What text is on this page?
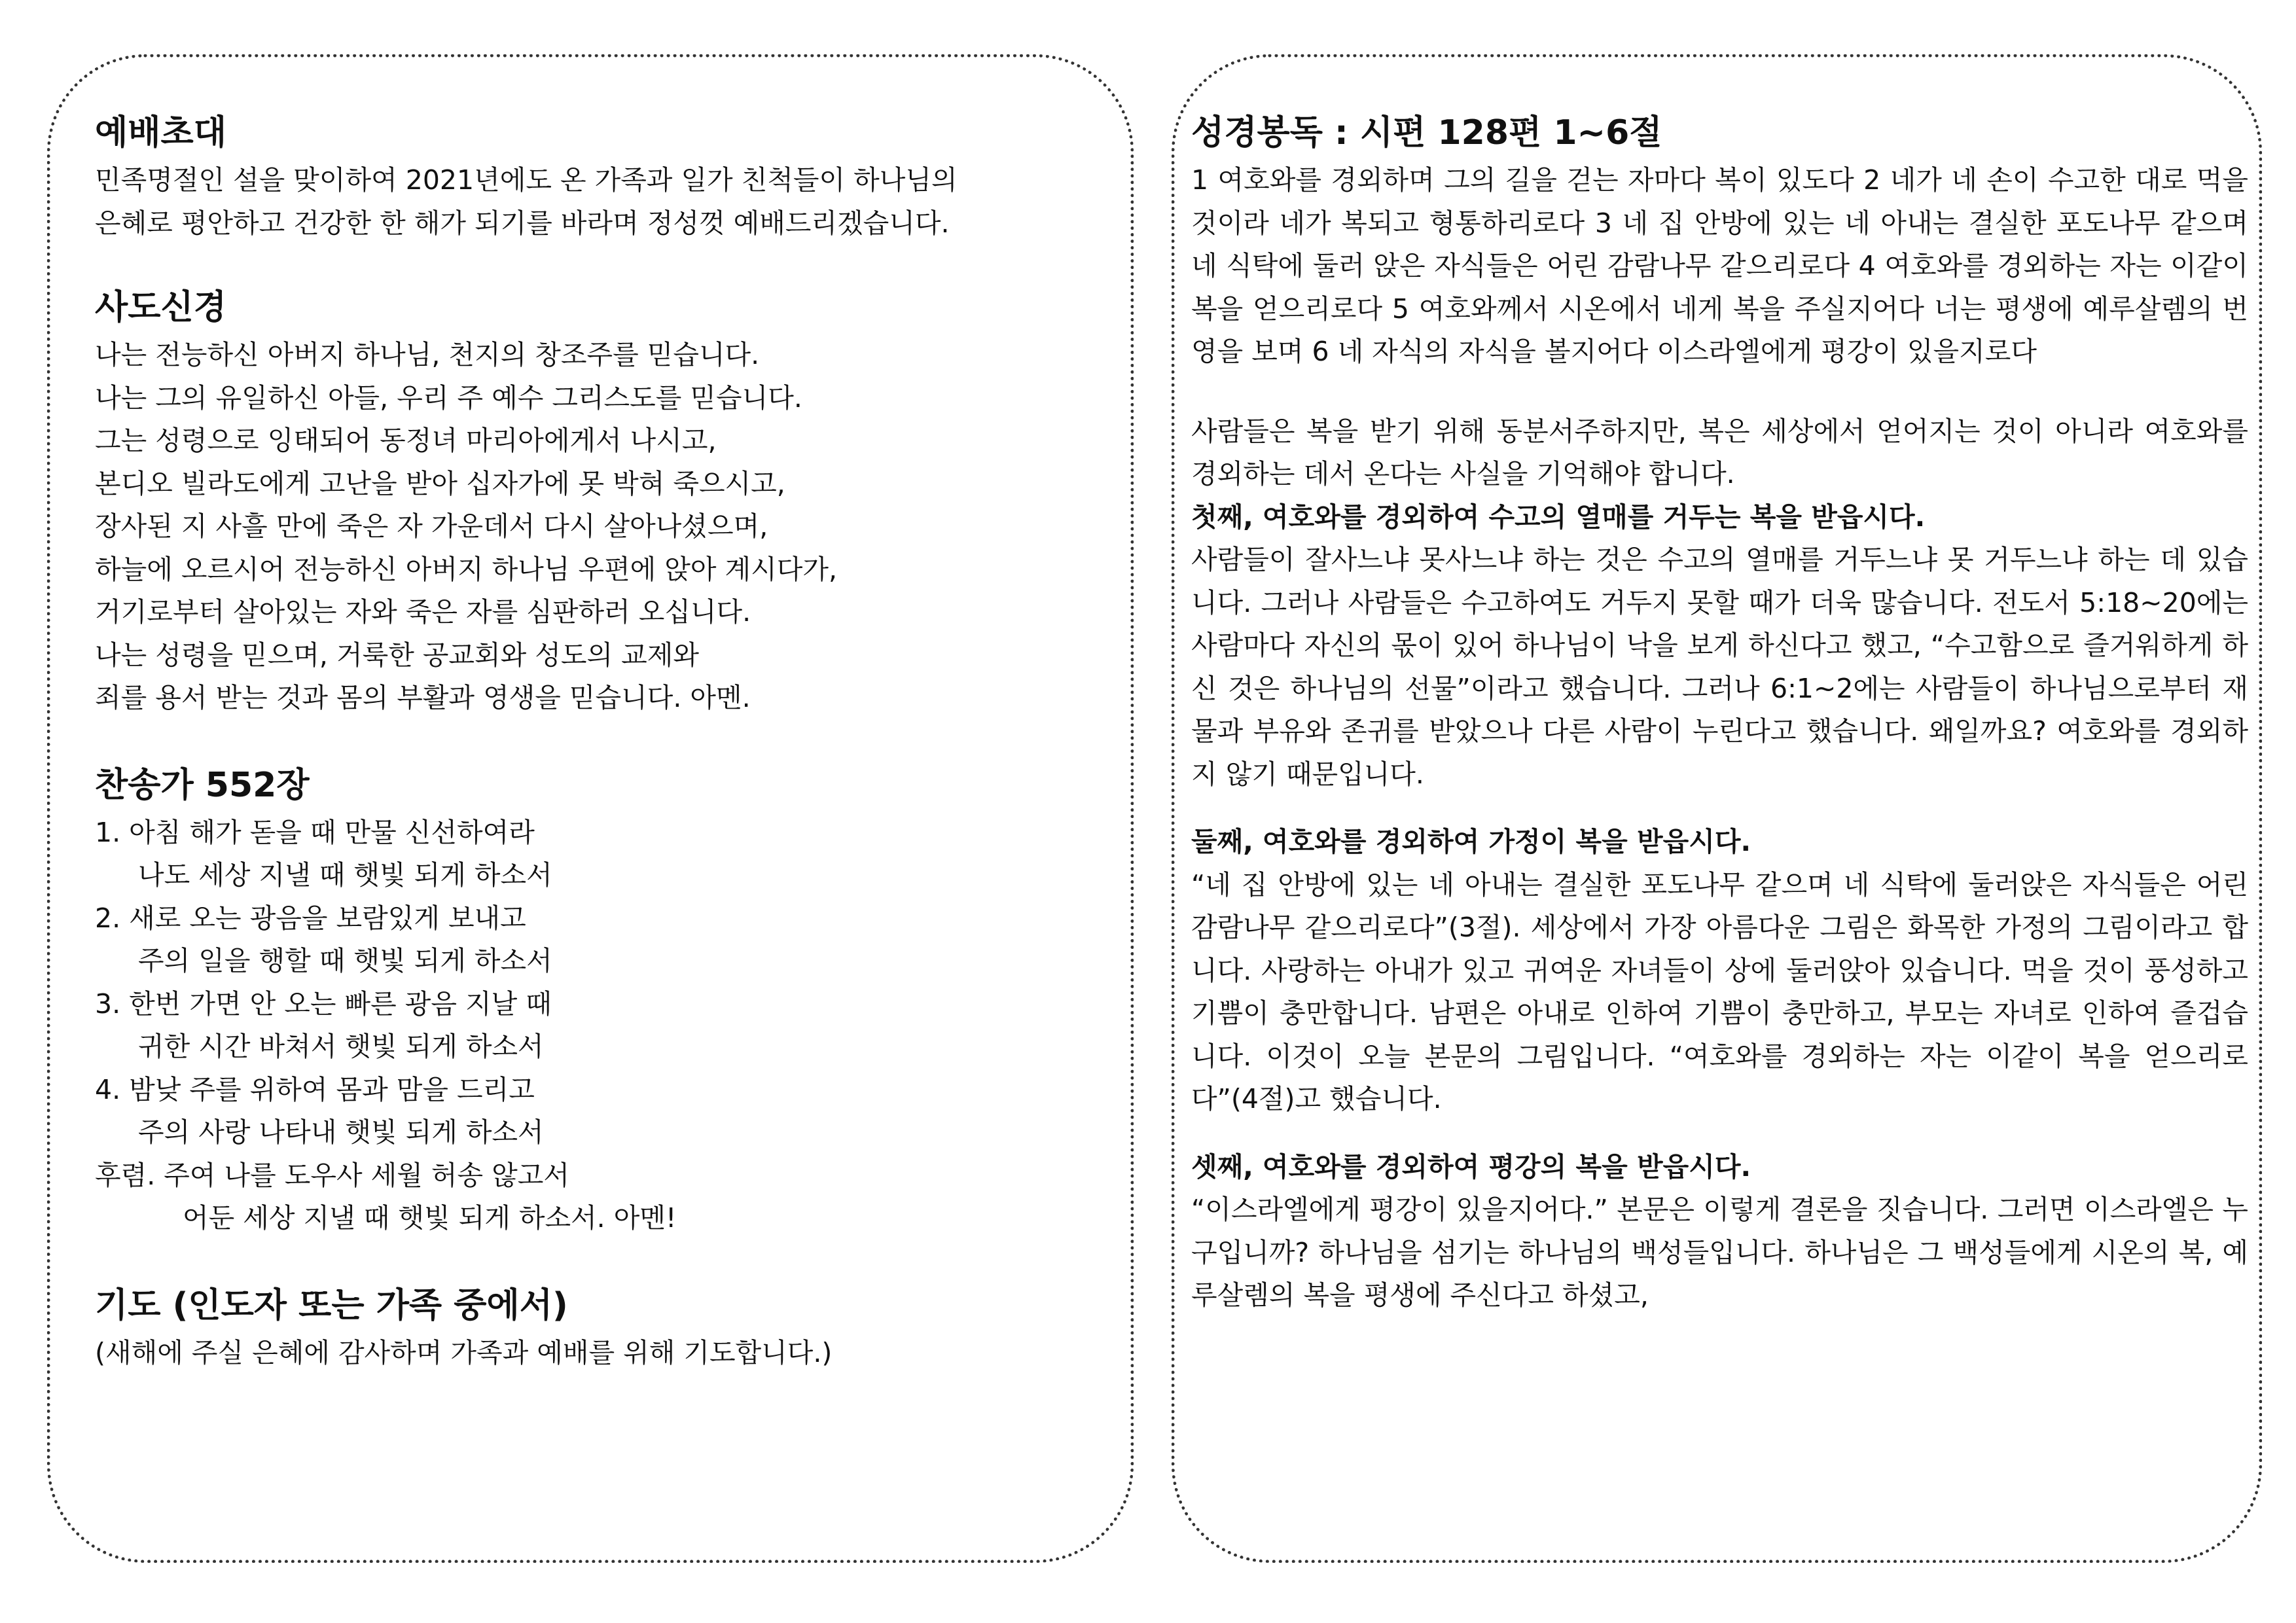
예배초대

민족명절인 설을 맞이하여 2021년에도 온 가족과 일가 친척들이 하나님의
은혜로 평안하고 건강한 한 해가 되기를 바라며 정성껏 예배드리겠습니다.

사도신경

나는 전능하신 아버지 하나님, 천지의 창조주를 믿습니다.

나는 그의 유일하신 아들, 우리 주 예수 그리스도를 믿습니다.

그는 성령으로 잉태되어 동정녀 마리아에게서 나시고,

본디오 빌라도에게 고난을 받아 십자가에 못 박혀 죽으시고,

장사된 지 사흘 만에 죽은 자 가운데서 다시 살아나셨으며,

하늘에 오르시어 전능하신 아버지 하나님 우편에 앉아 계시다가,

거기로부터 살아있는 자와 죽은 자를 심판하러 오십니다.

나는 성령을 믿으며, 거룩한 공교회와 성도의 교제와

죄를 용서 받는 것과 몸의 부활과 영생을 믿습니다. 아멘.

찬송가 552장

1. 아침 해가 돋을 때 만물 신선하여라

나도 세상 지낼 때 햇빛 되게 하소서

2. 새로 오는 광음을 보람있게 보내고

주의 일을 행할 때 햇빛 되게 하소서

3. 한번 가면 안 오는 빠른 광음 지날 때

귀한 시간 바쳐서 햇빛 되게 하소서

4. 밤낮 주를 위하여 몸과 맘을 드리고

주의 사랑 나타내 햇빛 되게 하소서

후렴. 주여 나를 도우사 세월 허송 않고서

어둔 세상 지낼 때 햇빛 되게 하소서. 아멘!

기도 (인도자 또는 가족 중에서)

(새해에 주실 은혜에 감사하며 가족과 예배를 위해 기도합니다.)

성경봉독 : 시편 128편 1~6절

1 여호와를 경외하며 그의 길을 걷는 자마다 복이 있도다 2 네가 네 손이 수고한 대로 먹을 것이라 네가 복되고 형통하리로다 3 네 집 안방에 있는 네 아내는 결실한 포도나무 같으며 네 식탁에 둘러 앉은 자식들은 어린 감람나무 같으리로다 4 여호와를 경외하는 자는 이같이 복을 얻으리로다 5 여호와께서 시온에서 네게 복을 주실지어다 너는 평생에 예루살렘의 번영을 보며 6 네 자식의 자식을 볼지어다 이스라엘에게 평강이 있을지로다

사람들은 복을 받기 위해 동분서주하지만, 복은 세상에서 얻어지는 것이 아니라 여호와를 경외하는 데서 온다는 사실을 기억해야 합니다.

첫째, 여호와를 경외하여 수고의 열매를 거두는 복을 받읍시다.

사람들이 잘사느냐 못사느냐 하는 것은 수고의 열매를 거두느냐 못 거두느냐 하는 데 있습니다. 그러나 사람들은 수고하여도 거두지 못할 때가 더욱 많습니다. 전도서 5:18~20에는 사람마다 자신의 몫이 있어 하나님이 낙을 보게 하신다고 했고, “수고함으로 즐거워하게 하신 것은 하나님의 선물”이라고 했습니다. 그러나 6:1~2에는 사람들이 하나님으로부터 재물과 부유와 존귀를 받았으나 다른 사람이 누린다고 했습니다. 왜일까요? 여호와를 경외하지 않기 때문입니다.

둘째, 여호와를 경외하여 가정이 복을 받읍시다.

“네 집 안방에 있는 네 아내는 결실한 포도나무 같으며 네 식탁에 둘러앉은 자식들은 어린 감람나무 같으리로다”(3절). 세상에서 가장 아름다운 그림은 화목한 가정의 그림이라고 합니다. 사랑하는 아내가 있고 귀여운 자녀들이 상에 둘러앉아 있습니다. 먹을 것이 풍성하고 기쁨이 충만합니다. 남편은 아내로 인하여 기쁨이 충만하고, 부모는 자녀로 인하여 즐겁습니다. 이것이 오늘 본문의 그림입니다. “여호와를 경외하는 자는 이같이 복을 얻으리로다”(4절)고 했습니다.

셋째, 여호와를 경외하여 평강의 복을 받읍시다.

“이스라엘에게 평강이 있을지어다.” 본문은 이렇게 결론을 짓습니다. 그러면 이스라엘은 누구입니까? 하나님을 섬기는 하나님의 백성들입니다. 하나님은 그 백성들에게 시온의 복, 예루살렘의 복을 평생에 주신다고 하셨고,
